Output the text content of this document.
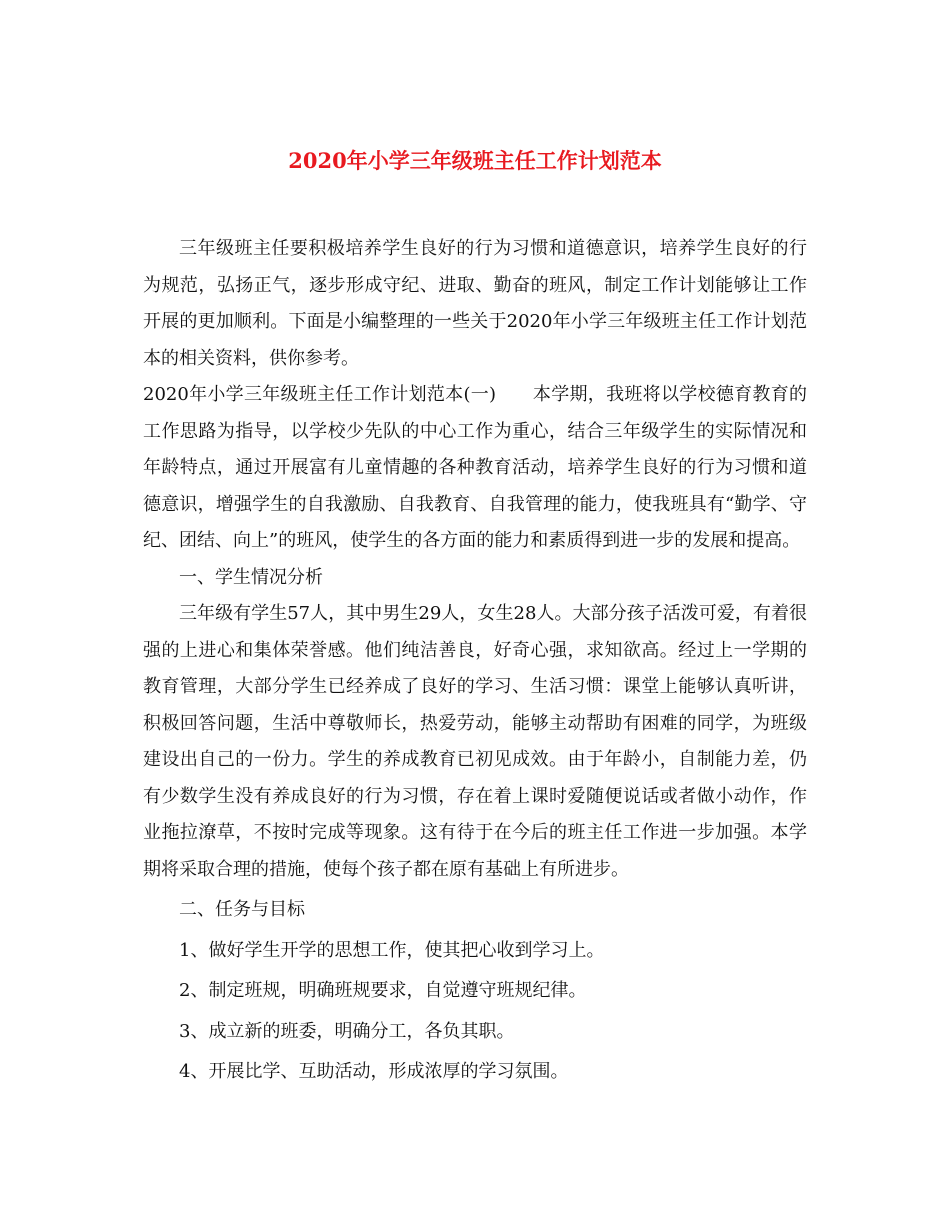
2020年小学三年级班主任工作计划范本

三年级班主任要积极培养学生良好的行为习惯和道德意识，培养学生良好的行为规范，弘扬正气，逐步形成守纪、进取、勤奋的班风，制定工作计划能够让工作开展的更加顺利。下面是小编整理的一些关于2020年小学三年级班主任工作计划范本的相关资料，供你参考。

2020年小学三年级班主任工作计划范本(一)　　本学期，我班将以学校德育教育的工作思路为指导，以学校少先队的中心工作为重心，结合三年级学生的实际情况和年龄特点，通过开展富有儿童情趣的各种教育活动，培养学生良好的行为习惯和道德意识，增强学生的自我激励、自我教育、自我管理的能力，使我班具有“勤学、守纪、团结、向上”的班风，使学生的各方面的能力和素质得到进一步的发展和提高。

一、学生情况分析

三年级有学生57人，其中男生29人，女生28人。大部分孩子活泼可爱，有着很强的上进心和集体荣誉感。他们纯洁善良，好奇心强，求知欲高。经过上一学期的教育管理，大部分学生已经养成了良好的学习、生活习惯：课堂上能够认真听讲，积极回答问题，生活中尊敬师长，热爱劳动，能够主动帮助有困难的同学，为班级建设出自己的一份力。学生的养成教育已初见成效。由于年龄小，自制能力差，仍有少数学生没有养成良好的行为习惯，存在着上课时爱随便说话或者做小动作，作业拖拉潦草，不按时完成等现象。这有待于在今后的班主任工作进一步加强。本学期将采取合理的措施，使每个孩子都在原有基础上有所进步。

二、任务与目标

1、做好学生开学的思想工作，使其把心收到学习上。

2、制定班规，明确班规要求，自觉遵守班规纪律。

3、成立新的班委，明确分工，各负其职。

4、开展比学、互助活动，形成浓厚的学习氛围。
